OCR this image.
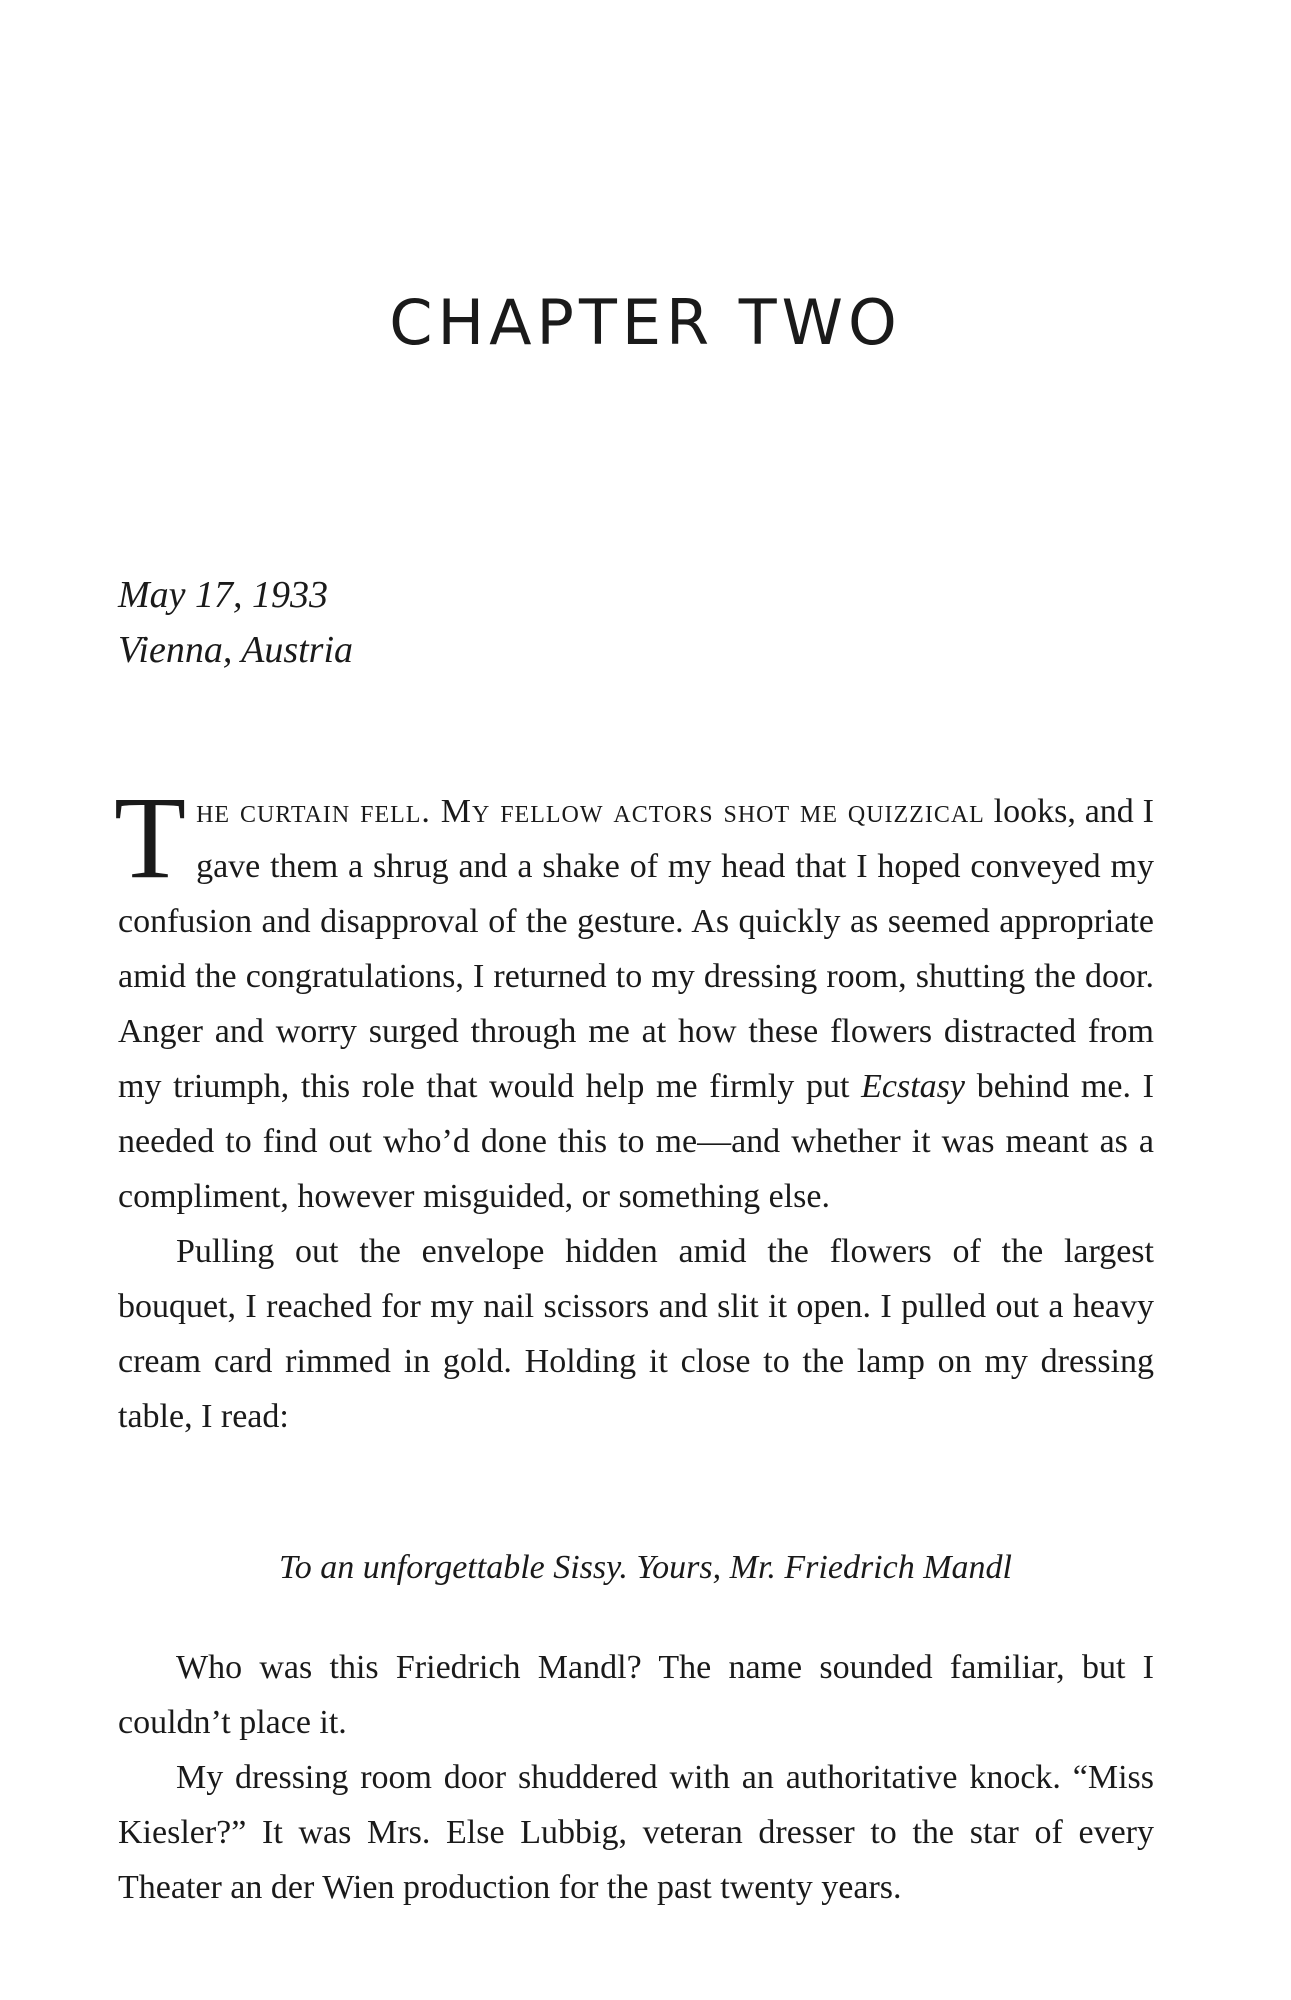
CHAPTER TWO
May 17, 1933
Vienna, Austria

The curtain fell. My fellow actors shot me quizzical looks, and I gave them a shrug and a shake of my head that I hoped conveyed my confusion and disapproval of the gesture. As quickly as seemed appropriate amid the congratulations, I returned to my dressing room, shutting the door. Anger and worry surged through me at how these flowers distracted from my triumph, this role that would help me firmly put Ecstasy behind me. I needed to find out who’d done this to me—and whether it was meant as a compliment, however misguided, or something else.

Pulling out the envelope hidden amid the flowers of the largest bouquet, I reached for my nail scissors and slit it open. I pulled out a heavy cream card rimmed in gold. Holding it close to the lamp on my dressing table, I read:

To an unforgettable Sissy. Yours, Mr. Friedrich Mandl

Who was this Friedrich Mandl? The name sounded familiar, but I couldn’t place it.

My dressing room door shuddered with an authoritative knock. “Miss Kiesler?” It was Mrs. Else Lubbig, veteran dresser to the star of every Theater an der Wien production for the past twenty years.
